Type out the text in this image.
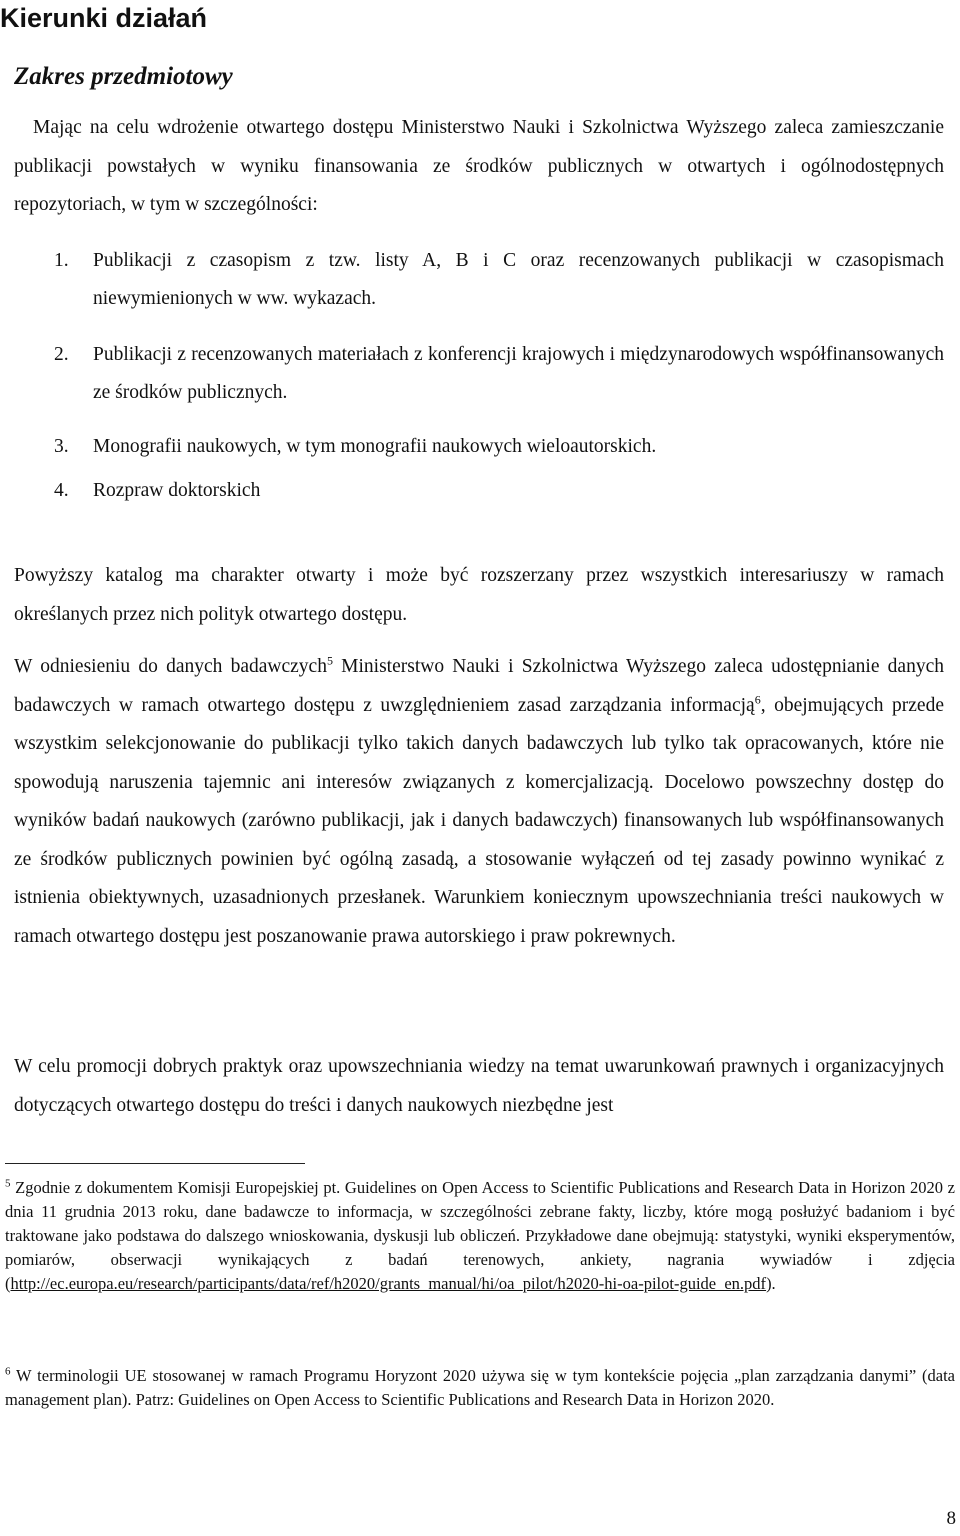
Kierunki działań
Zakres przedmiotowy

Mając na celu wdrożenie otwartego dostępu Ministerstwo Nauki i Szkolnictwa Wyższego zaleca zamieszczanie publikacji powstałych w wyniku finansowania ze środków publicznych w otwartych i ogólnodostępnych repozytoriach, w tym w szczególności:

1. Publikacji z czasopism z tzw. listy A, B i C oraz recenzowanych publikacji w czasopismach niewymienionych w ww. wykazach.
2. Publikacji z recenzowanych materiałach z konferencji krajowych i międzynarodowych współfinansowanych ze środków publicznych.
3. Monografii naukowych, w tym monografii naukowych wieloautorskich.
4. Rozpraw doktorskich

Powyższy katalog ma charakter otwarty i może być rozszerzany przez wszystkich interesariuszy w ramach określanych przez nich polityk otwartego dostępu.

W odniesieniu do danych badawczych$^5$ Ministerstwo Nauki i Szkolnictwa Wyższego zaleca udostępnianie danych badawczych w ramach otwartego dostępu z uwzględnieniem zasad zarządzania informacją$^6$, obejmujących przede wszystkim selekcjonowanie do publikacji tylko takich danych badawczych lub tylko tak opracowanych, które nie spowodują naruszenia tajemnic ani interesów związanych z komercjalizacją. Docelowo powszechny dostęp do wyników badań naukowych (zarówno publikacji, jak i danych badawczych) finansowanych lub współfinansowanych ze środków publicznych powinien być ogólną zasadą, a stosowanie wyłączeń od tej zasady powinno wynikać z istnienia obiektywnych, uzasadnionych przesłanek. Warunkiem koniecznym upowszechniania treści naukowych w ramach otwartego dostępu jest poszanowanie prawa autorskiego i praw pokrewnych.

W celu promocji dobrych praktyk oraz upowszechniania wiedzy na temat uwarunkowań prawnych i organizacyjnych dotyczących otwartego dostępu do treści i danych naukowych niezbędne jest

$^5$ Zgodnie z dokumentem Komisji Europejskiej pt. Guidelines on Open Access to Scientific Publications and Research Data in Horizon 2020 z dnia 11 grudnia 2013 roku, dane badawcze to informacja, w szczególności zebrane fakty, liczby, które mogą posłużyć badaniom i być traktowane jako podstawa do dalszego wnioskowania, dyskusji lub obliczeń. Przykładowe dane obejmują: statystyki, wyniki eksperymentów, pomiarów, obserwacji wynikających z badań terenowych, ankiety, nagrania wywiadów i zdjęcia (http://ec.europa.eu/research/participants/data/ref/h2020/grants_manual/hi/oa_pilot/h2020-hi-oa-pilot-guide_en.pdf).

$^6$ W terminologii UE stosowanej w ramach Programu Horyzont 2020 używa się w tym kontekście pojęcia „plan zarządzania danymi” (data management plan). Patrz: Guidelines on Open Access to Scientific Publications and Research Data in Horizon 2020.

8
